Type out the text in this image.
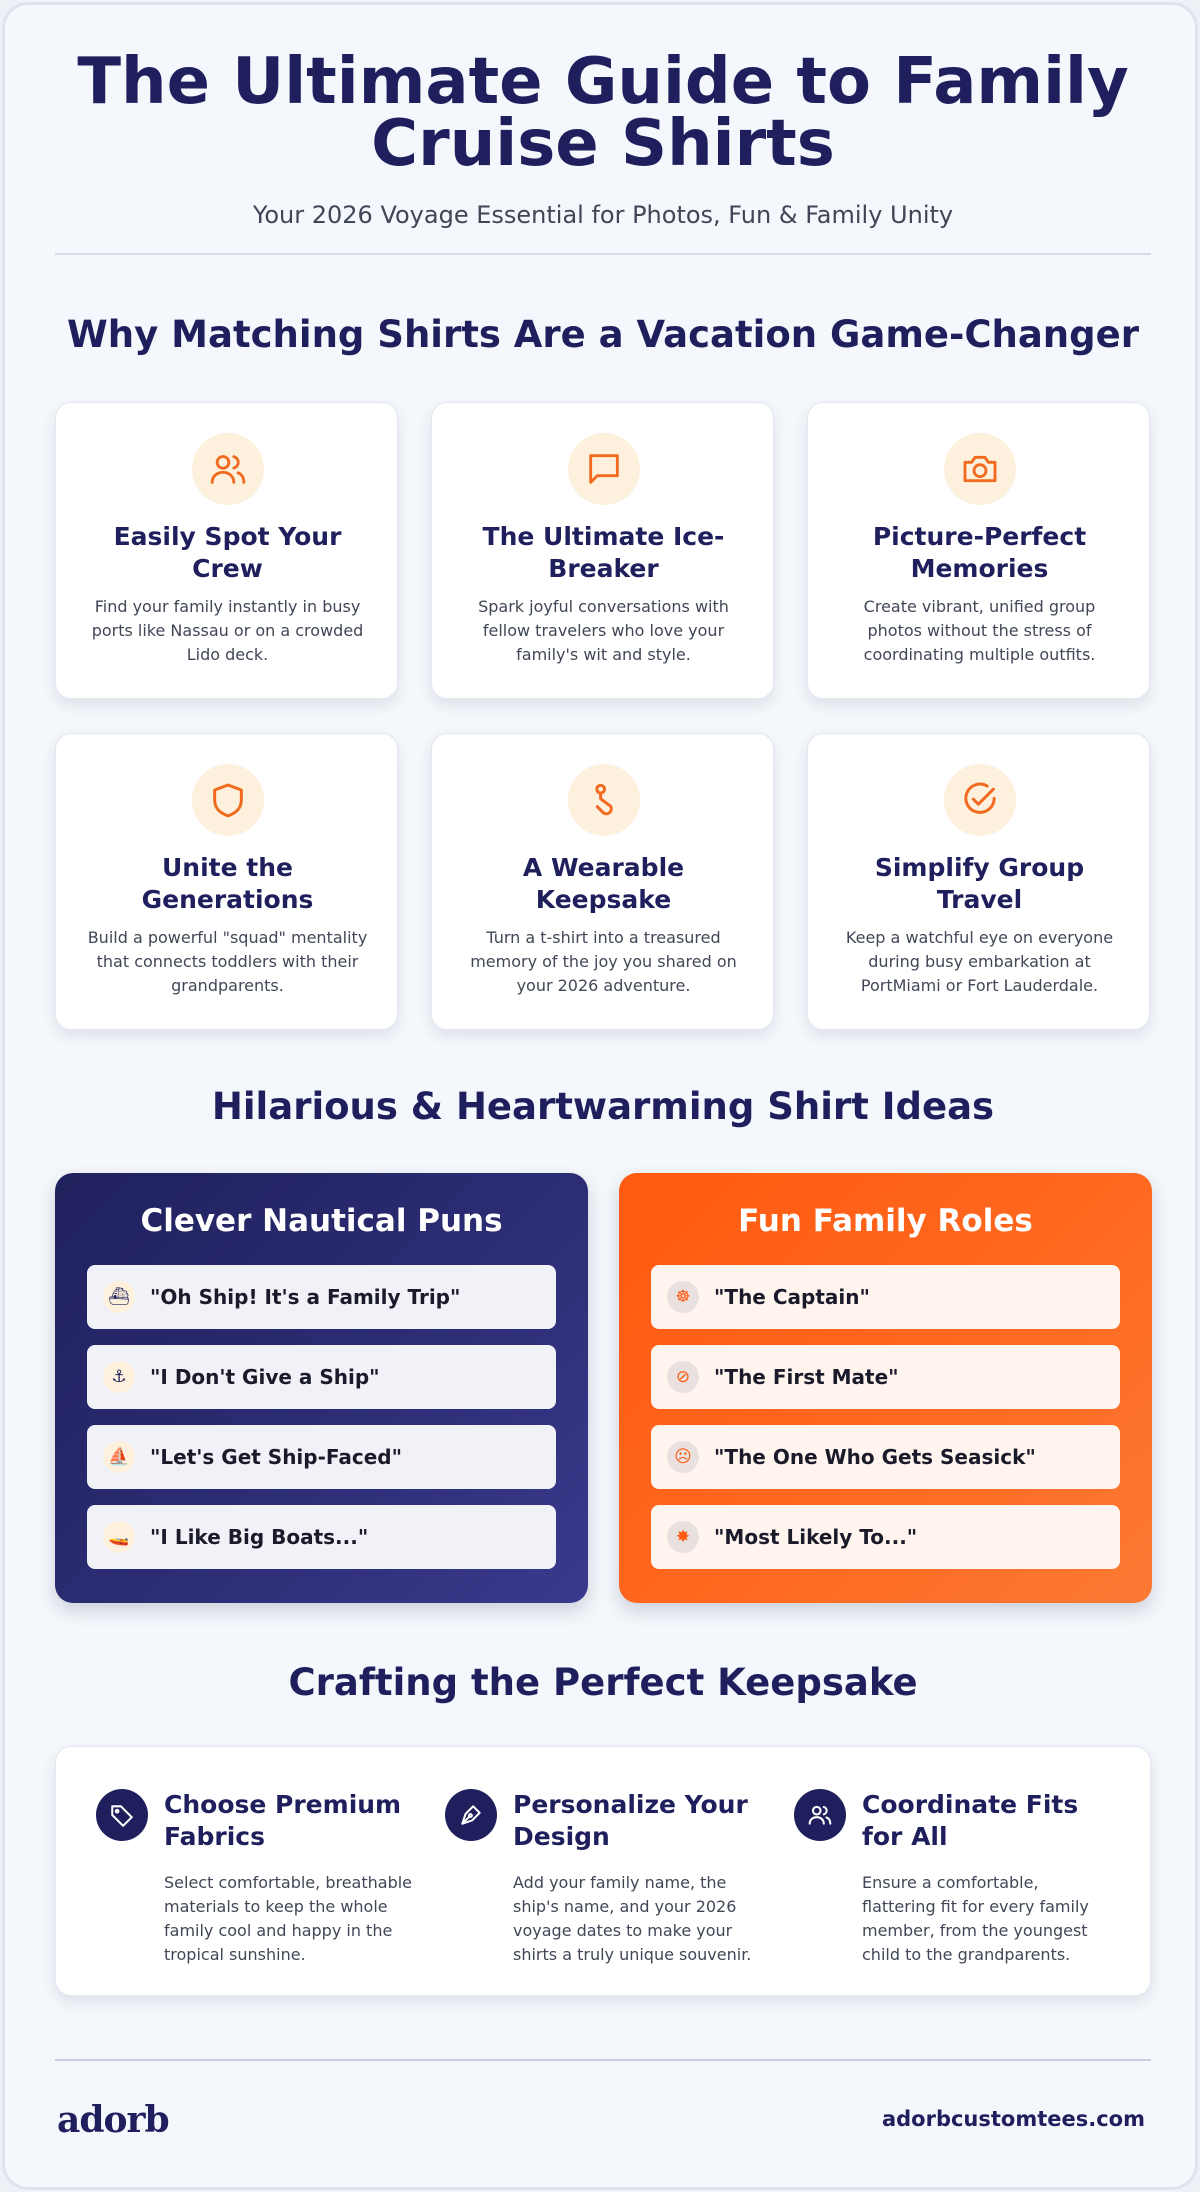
The Ultimate Guide to Family Cruise Shirts
Your 2026 Voyage Essential for Photos, Fun & Family Unity
Why Matching Shirts Are a Vacation Game-Changer
Easily Spot Your Crew

Find your family instantly in busy ports like Nassau or on a crowded Lido deck.

The Ultimate Ice-Breaker

Spark joyful conversations with fellow travelers who love your family's wit and style.

Picture-Perfect Memories

Create vibrant, unified group photos without the stress of coordinating multiple outfits.

Unite the Generations

Build a powerful "squad" mentality that connects toddlers with their grandparents.

A Wearable Keepsake

Turn a t-shirt into a treasured memory of the joy you shared on your 2026 adventure.

Simplify Group Travel

Keep a watchful eye on everyone during busy embarkation at PortMiami or Fort Lauderdale.

Hilarious & Heartwarming Shirt Ideas
Clever Nautical Puns
⛴ "Oh Ship! It's a Family Trip"
⚓	"I Don't Give a Ship"
⛵ "Let's Get Ship-Faced"
🚤 "I Like Big Boats..."
Fun Family Roles
☸	"The Captain"
⊘	"The First Mate"
☹	"The One Who Gets Seasick"
✸	"Most Likely To..."
Crafting the Perfect Keepsake
Choose Premium Fabrics

Select comfortable, breathable materials to keep the whole family cool and happy in the tropical sunshine.

Personalize Your Design

Add your family name, the ship's name, and your 2026 voyage dates to make your shirts a truly unique souvenir.

Coordinate Fits for All

Ensure a comfortable, flattering fit for every family member, from the youngest child to the grandparents.

adorb	adorbcustomtees.com
